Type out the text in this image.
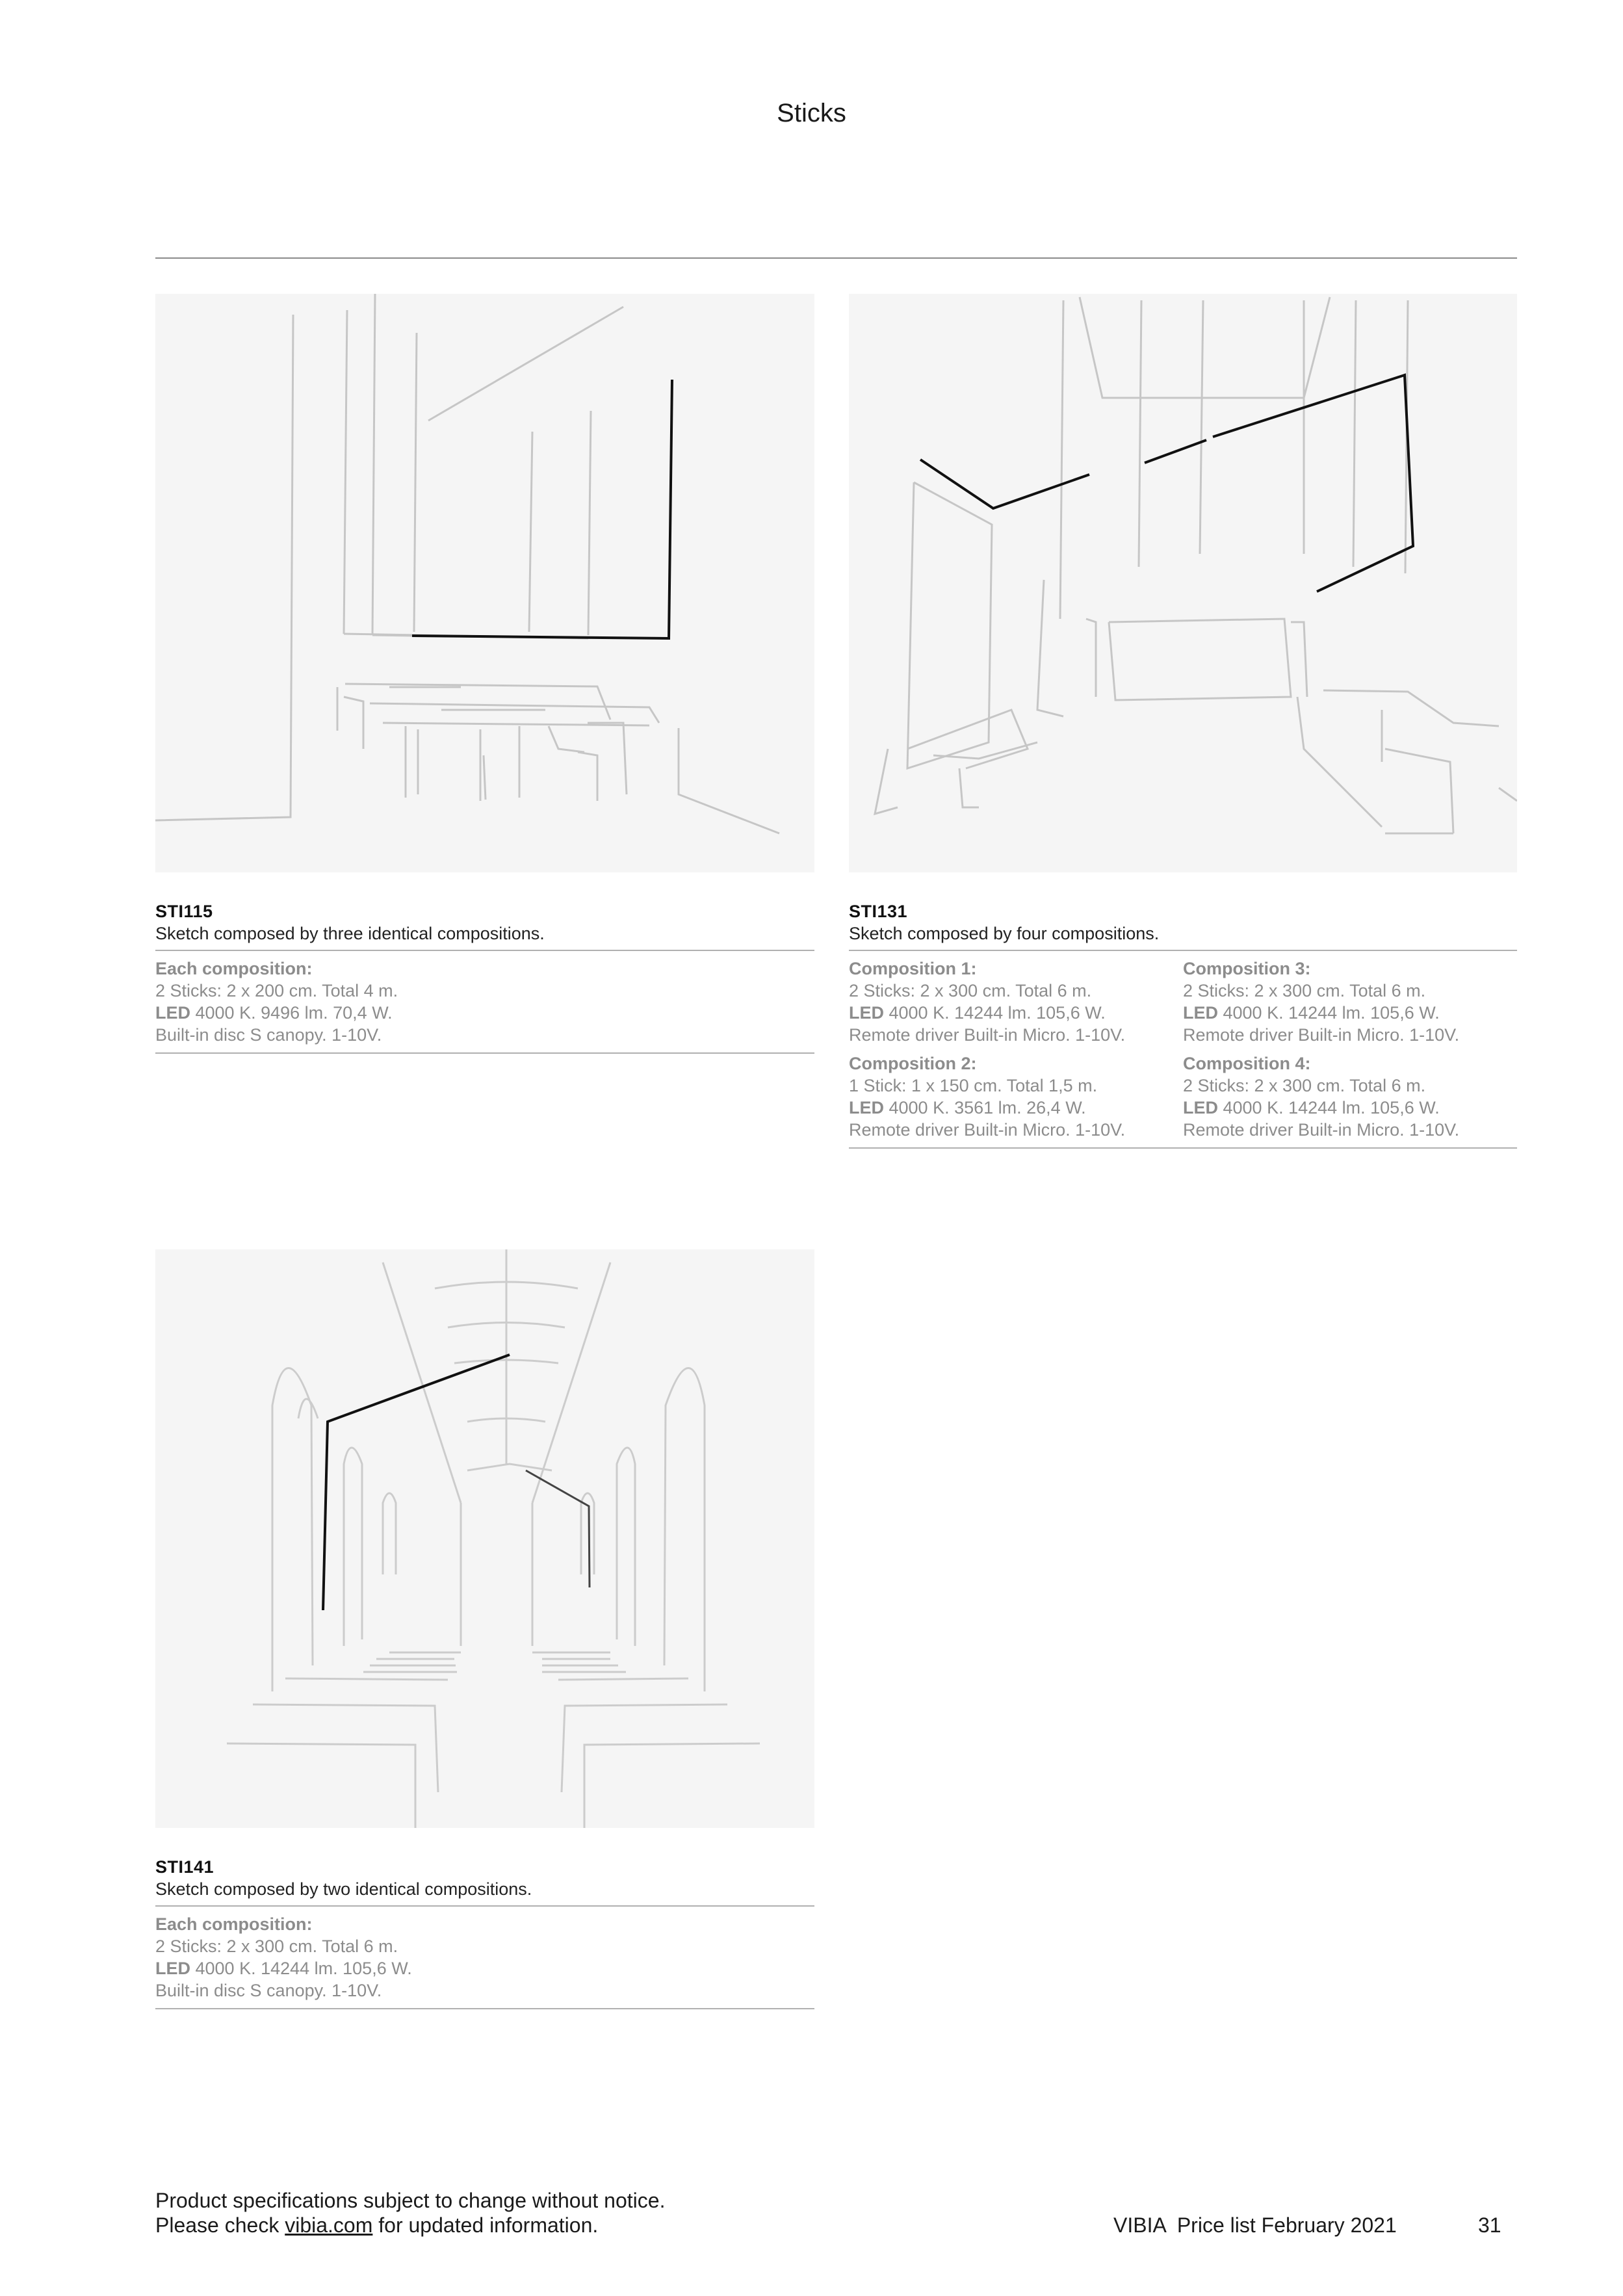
Sticks
STI115
Sketch composed by three identical compositions.
Each composition:
2 Sticks: 2 x 200 cm. Total 4 m.
LED 4000 K. 9496 lm. 70,4 W.
Built-in disc S canopy. 1-10V.
STI131
Sketch composed by four compositions.
Composition 1:
2 Sticks: 2 x 300 cm. Total 6 m.
LED 4000 K. 14244 lm. 105,6 W.
Remote driver Built-in Micro. 1-10V.
Composition 2:
1 Stick: 1 x 150 cm. Total 1,5 m.
LED 4000 K. 3561 lm. 26,4 W.
Remote driver Built-in Micro. 1-10V.
Composition 3:
2 Sticks: 2 x 300 cm. Total 6 m.
LED 4000 K. 14244 lm. 105,6 W.
Remote driver Built-in Micro. 1-10V.
Composition 4:
2 Sticks: 2 x 300 cm. Total 6 m.
LED 4000 K. 14244 lm. 105,6 W.
Remote driver Built-in Micro. 1-10V.
STI141
Sketch composed by two identical compositions.
Each composition:
2 Sticks: 2 x 300 cm. Total 6 m.
LED 4000 K. 14244 lm. 105,6 W.
Built-in disc S canopy. 1-10V.
Product specifications subject to change without notice.
Please check vibia.com for updated information.	VIBIA  Price list February 2021	31
